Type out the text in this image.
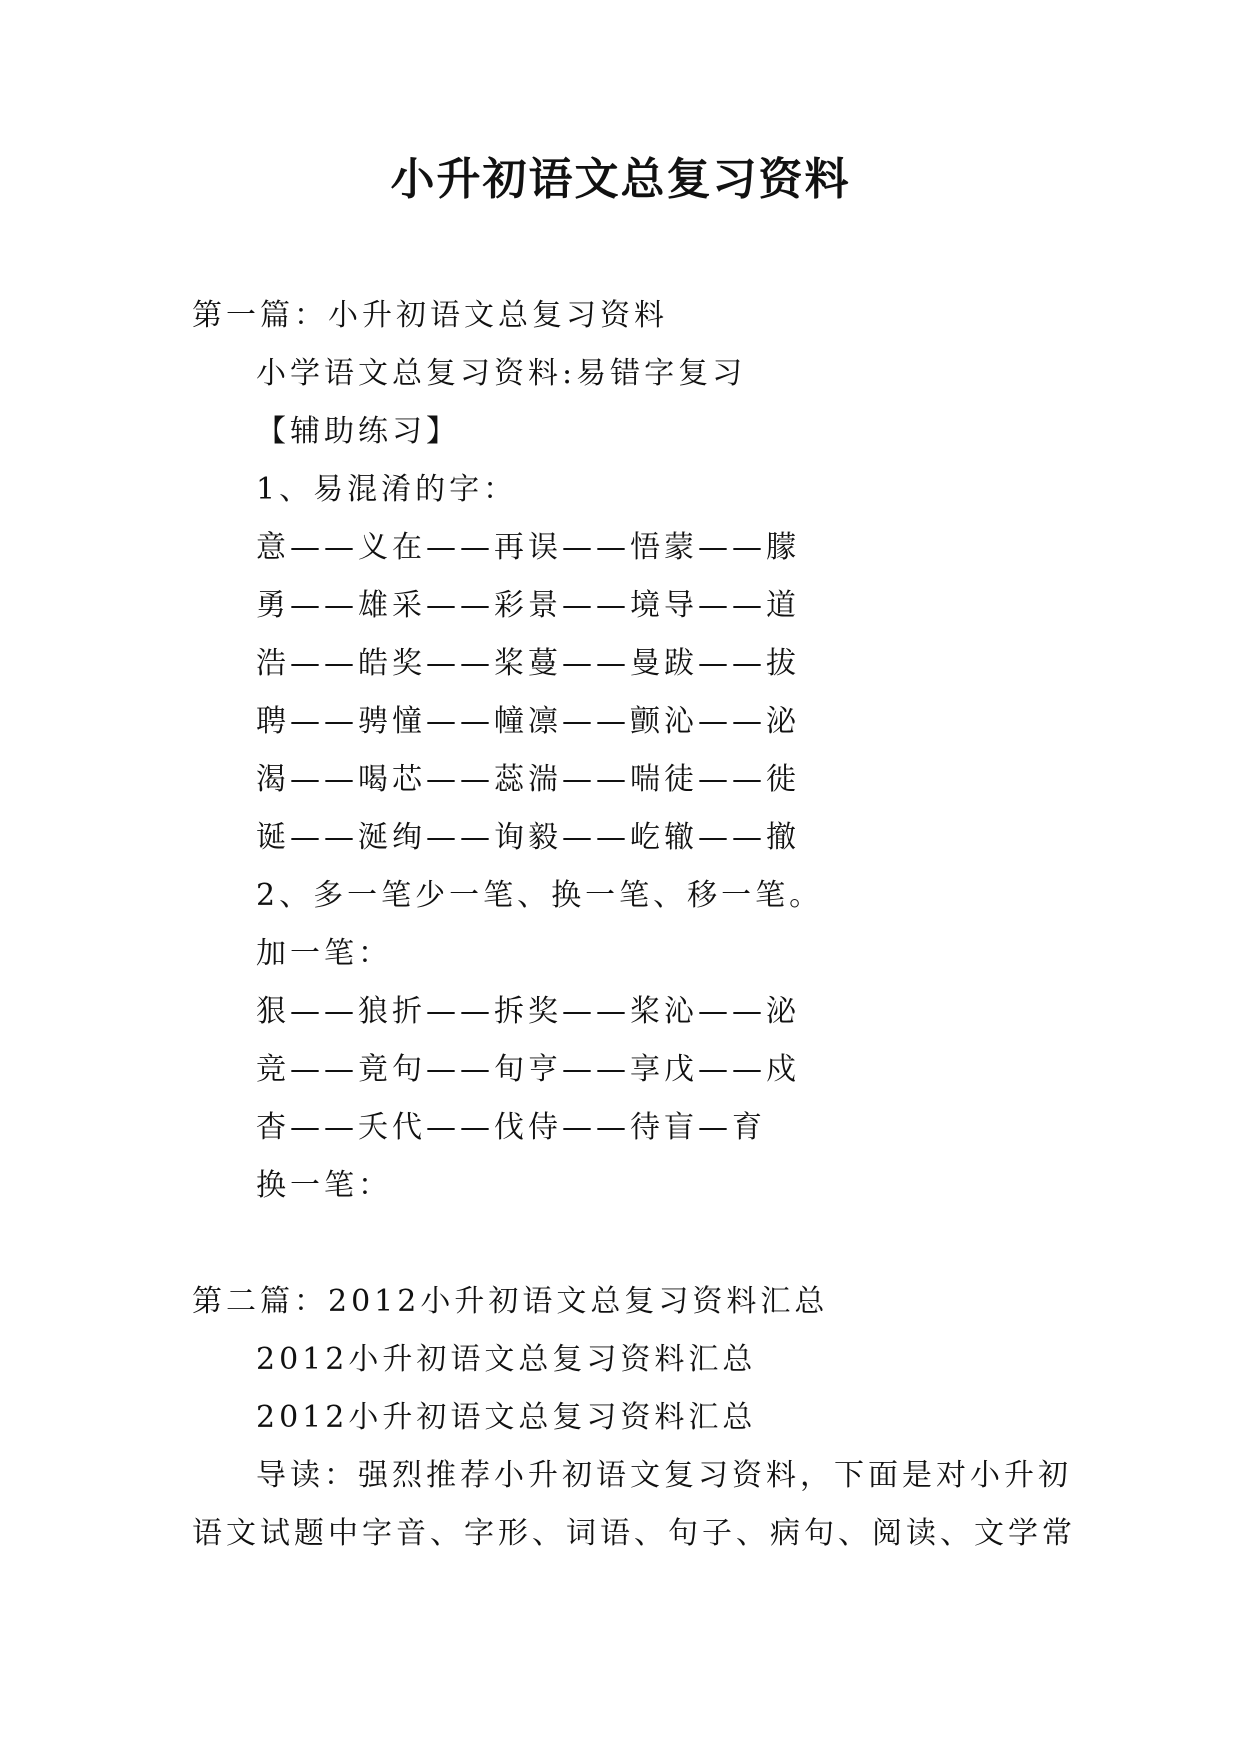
小升初语文总复习资料
第一篇：小升初语文总复习资料
小学语文总复习资料:易错字复习
【辅助练习】
1、易混淆的字：
意——义在——再误——悟蒙——朦
勇——雄采——彩景——境导——道
浩——皓奖——桨蔓——曼跋——拔
聘——骋憧——幢凛——颤沁——泌
渴——喝芯——蕊湍——喘徒——徙
诞——涎绚——询毅——屹辙——撤
2、多一笔少一笔、换一笔、移一笔。
加一笔：
狠——狼折——拆奖——桨沁——泌
竞——竟句——旬亨——享戊——戍
杳——夭代——伐侍——待盲—育
换一笔：
第二篇：2012小升初语文总复习资料汇总
2012小升初语文总复习资料汇总
2012小升初语文总复习资料汇总
导读：强烈推荐小升初语文复习资料，下面是对小升初
语文试题中字音、字形、词语、句子、病句、阅读、文学常
